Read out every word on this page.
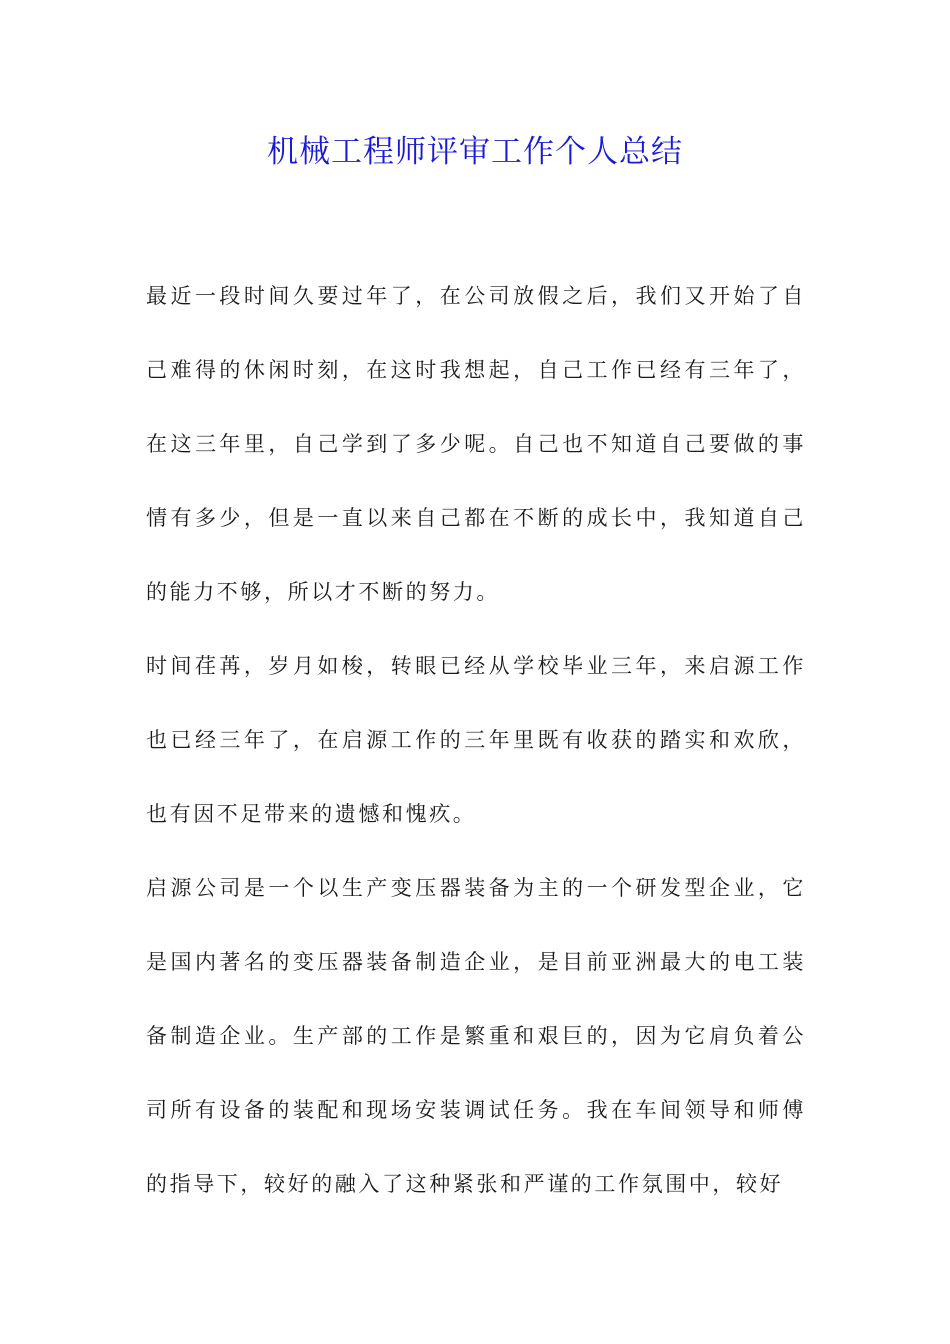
机械工程师评审工作个人总结

最近一段时间久要过年了，在公司放假之后，我们又开始了自己难得的休闲时刻，在这时我想起，自己工作已经有三年了，在这三年里，自己学到了多少呢。自己也不知道自己要做的事情有多少，但是一直以来自己都在不断的成长中，我知道自己的能力不够，所以才不断的努力。

时间荏苒，岁月如梭，转眼已经从学校毕业三年，来启源工作也已经三年了，在启源工作的三年里既有收获的踏实和欢欣，也有因不足带来的遗憾和愧疚。

启源公司是一个以生产变压器装备为主的一个研发型企业，它是国内著名的变压器装备制造企业，是目前亚洲最大的电工装备制造企业。生产部的工作是繁重和艰巨的，因为它肩负着公司所有设备的装配和现场安装调试任务。我在车间领导和师傅的指导下，较好的融入了这种紧张和严谨的工作氛围中，较好
